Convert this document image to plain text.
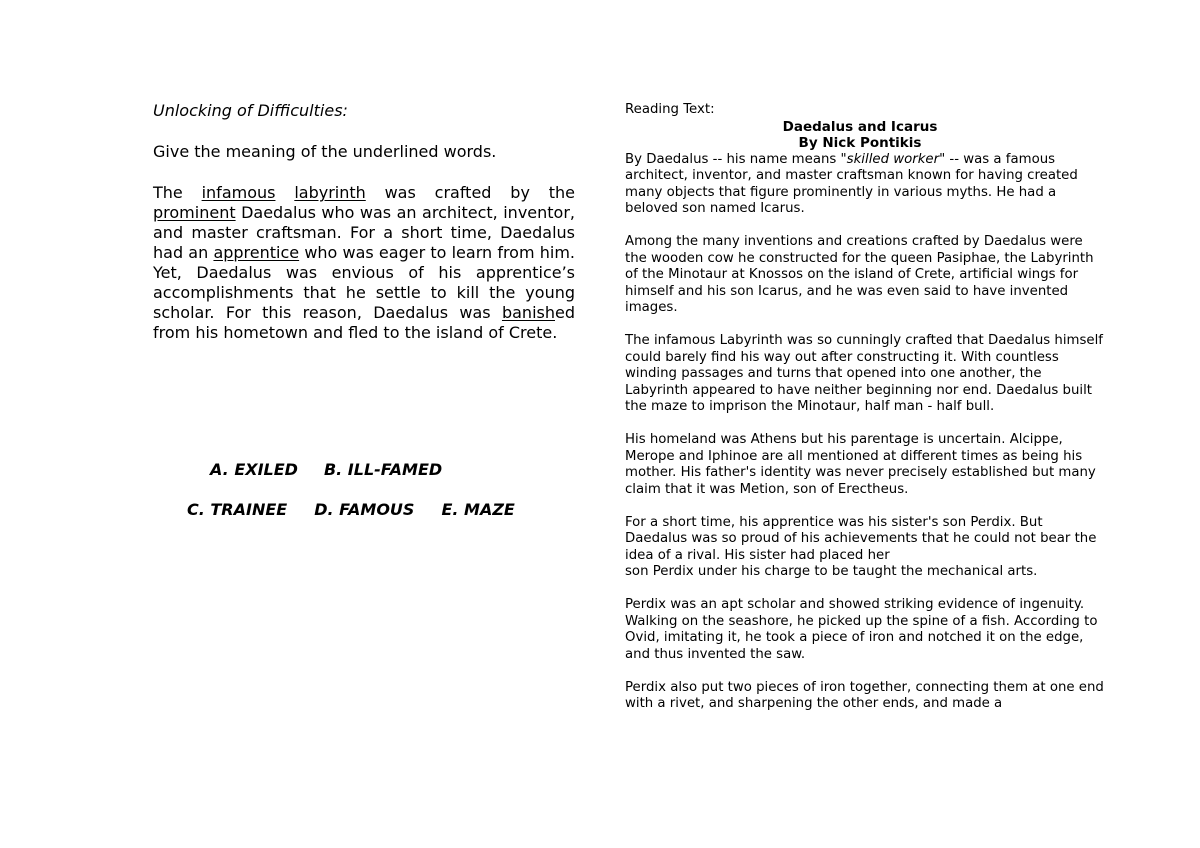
Unlocking of Difficulties:

Give the meaning of the underlined words.

The infamous labyrinth was crafted by the prominent Daedalus who was an architect, inventor, and master craftsman. For a short time, Daedalus had an apprentice who was eager to learn from him. Yet, Daedalus was envious of his apprentice’s accomplishments that he settle to kill the young scholar. For this reason, Daedalus was banished from his hometown and fled to the island of Crete.

A. EXILED B. ILL-FAMED
C. TRAINEE D. FAMOUS E. MAZE

Reading Text:

Daedalus and Icarus

By Nick Pontikis

By Daedalus -- his name means "skilled worker" -- was a famous architect, inventor, and master craftsman known for having created many objects that figure prominently in various myths. He had a beloved son named Icarus.

Among the many inventions and creations crafted by Daedalus were the wooden cow he constructed for the queen Pasiphae, the Labyrinth of the Minotaur at Knossos on the island of Crete, artificial wings for himself and his son Icarus, and he was even said to have invented images.

The infamous Labyrinth was so cunningly crafted that Daedalus himself could barely find his way out after constructing it. With countless winding passages and turns that opened into one another, the Labyrinth appeared to have neither beginning nor end. Daedalus built the maze to imprison the Minotaur, half man - half bull.

His homeland was Athens but his parentage is uncertain. Alcippe, Merope and Iphinoe are all mentioned at different times as being his mother. His father's identity was never precisely established but many claim that it was Metion, son of Erectheus.

For a short time, his apprentice was his sister's son Perdix. But Daedalus was so proud of his achievements that he could not bear the idea of a rival. His sister had placed her
son Perdix under his charge to be taught the mechanical arts.

Perdix was an apt scholar and showed striking evidence of ingenuity. Walking on the seashore, he picked up the spine of a fish. According to Ovid, imitating it, he took a piece of iron and notched it on the edge, and thus invented the saw.

Perdix also put two pieces of iron together, connecting them at one end with a rivet, and sharpening the other ends, and made a
